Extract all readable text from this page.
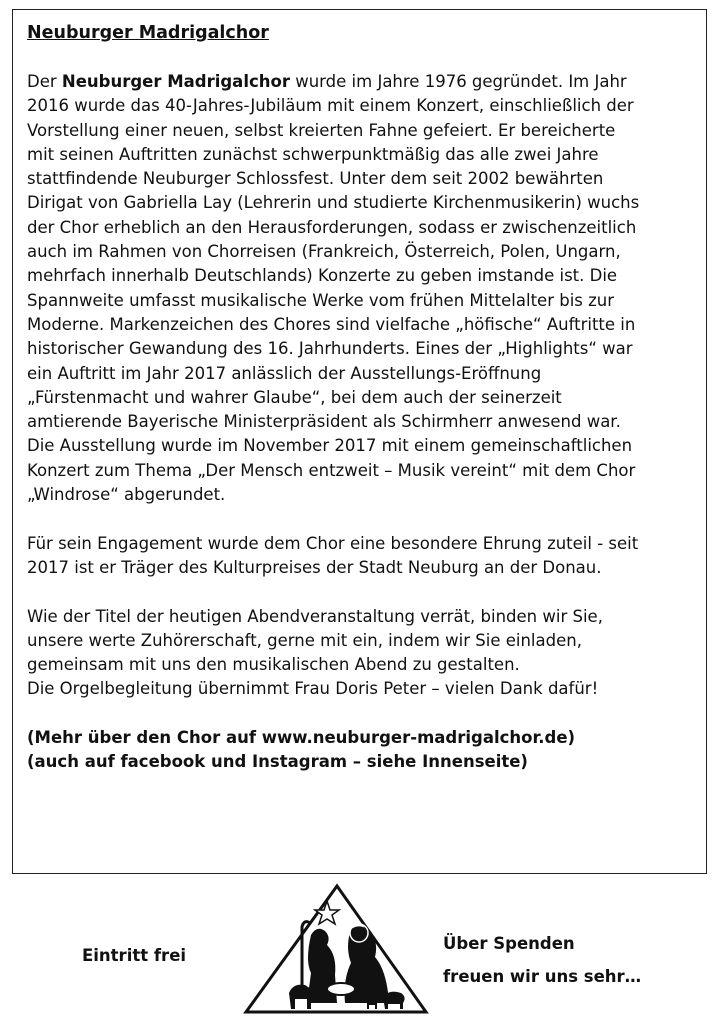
Neuburger Madrigalchor
Der Neuburger Madrigalchor wurde im Jahre 1976 gegründet. Im Jahr
2016 wurde das 40-Jahres-Jubiläum mit einem Konzert, einschließlich der
Vorstellung einer neuen, selbst kreierten Fahne gefeiert. Er bereicherte
mit seinen Auftritten zunächst schwerpunktmäßig das alle zwei Jahre
stattfindende Neuburger Schlossfest. Unter dem seit 2002 bewährten
Dirigat von Gabriella Lay (Lehrerin und studierte Kirchenmusikerin) wuchs
der Chor erheblich an den Herausforderungen, sodass er zwischenzeitlich
auch im Rahmen von Chorreisen (Frankreich, Österreich, Polen, Ungarn,
mehrfach innerhalb Deutschlands) Konzerte zu geben imstande ist. Die
Spannweite umfasst musikalische Werke vom frühen Mittelalter bis zur
Moderne. Markenzeichen des Chores sind vielfache „höfische“ Auftritte in
historischer Gewandung des 16. Jahrhunderts. Eines der „Highlights“ war
ein Auftritt im Jahr 2017 anlässlich der Ausstellungs-Eröffnung
„Fürstenmacht und wahrer Glaube“, bei dem auch der seinerzeit
amtierende Bayerische Ministerpräsident als Schirmherr anwesend war.
Die Ausstellung wurde im November 2017 mit einem gemeinschaftlichen
Konzert zum Thema „Der Mensch entzweit – Musik vereint“ mit dem Chor
„Windrose“ abgerundet.
Für sein Engagement wurde dem Chor eine besondere Ehrung zuteil - seit
2017 ist er Träger des Kulturpreises der Stadt Neuburg an der Donau.
Wie der Titel der heutigen Abendveranstaltung verrät, binden wir Sie,
unsere werte Zuhörerschaft, gerne mit ein, indem wir Sie einladen,
gemeinsam mit uns den musikalischen Abend zu gestalten.
Die Orgelbegleitung übernimmt Frau Doris Peter – vielen Dank dafür!
(Mehr über den Chor auf www.neuburger-madrigalchor.de)
(auch auf facebook und Instagram – siehe Innenseite)
Eintritt frei
Über Spenden
freuen wir uns sehr…
